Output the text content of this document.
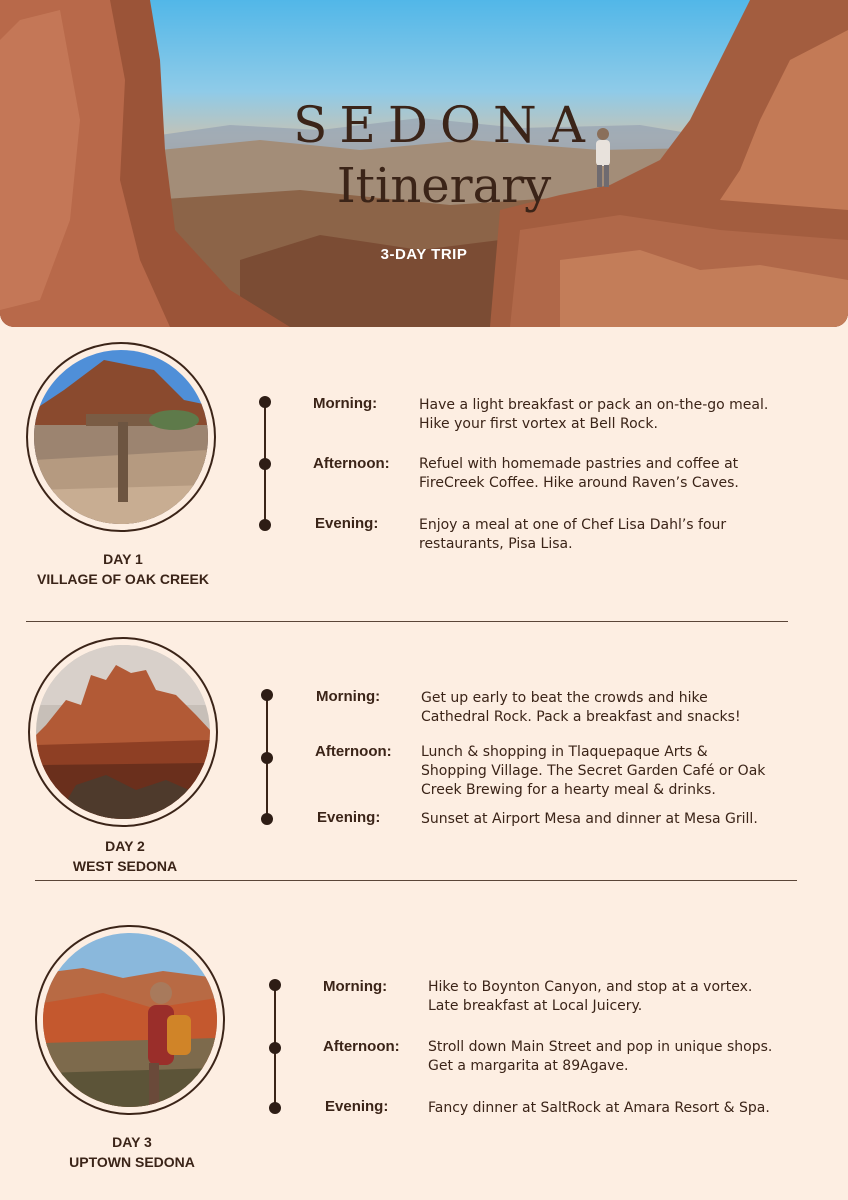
SEDONA
Itinerary
3-DAY TRIP
DAY 1
VILLAGE OF OAK CREEK
Morning:	Have a light breakfast or pack an on-the-go meal.
Hike your first vortex at Bell Rock.
Afternoon: Refuel with homemade pastries and coffee at
FireCreek Coffee. Hike around Raven’s Caves.
Evening:	Enjoy a meal at one of Chef Lisa Dahl’s four
restaurants, Pisa Lisa.
DAY 2
WEST SEDONA
Morning:	Get up early to beat the crowds and hike
Cathedral Rock. Pack a breakfast and snacks!
Afternoon: Lunch & shopping in Tlaquepaque Arts &
Shopping Village. The Secret Garden Café or Oak
Creek Brewing for a hearty meal & drinks.
Evening:	Sunset at Airport Mesa and dinner at Mesa Grill.
DAY 3
UPTOWN SEDONA
Morning:	Hike to Boynton Canyon, and stop at a vortex.
Late breakfast at Local Juicery.
Afternoon: Stroll down Main Street and pop in unique shops.
Get a margarita at 89Agave.
Evening:	Fancy dinner at SaltRock at Amara Resort & Spa.
